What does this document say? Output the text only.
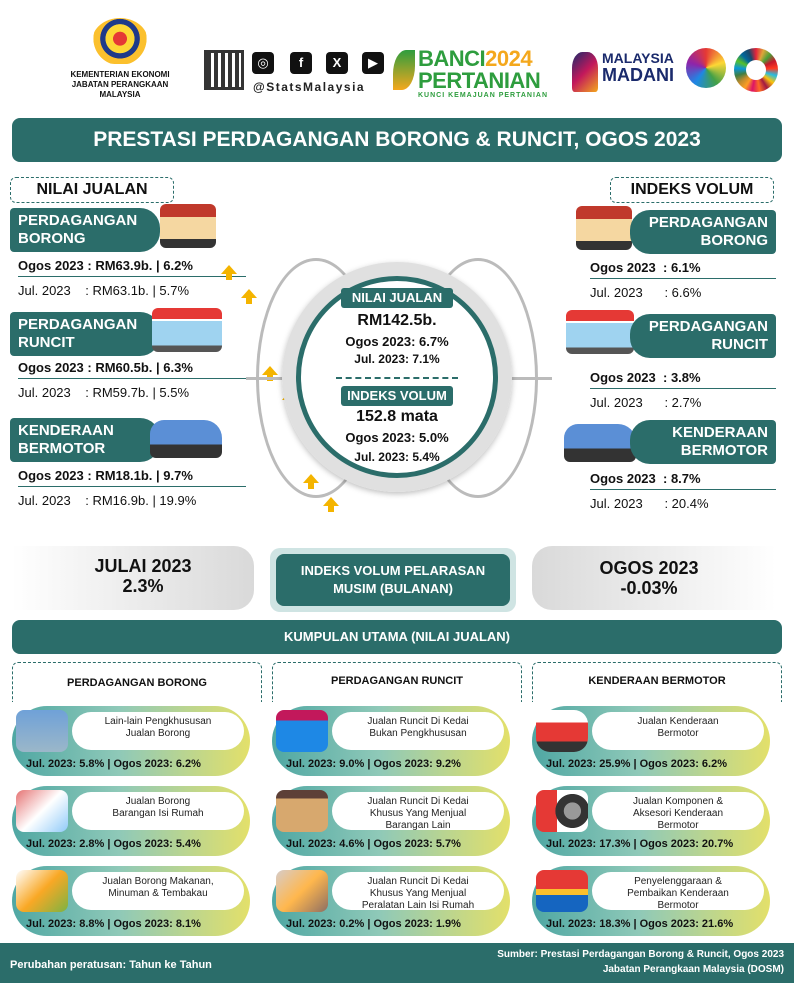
KEMENTERIAN EKONOMI
JABATAN PERANGKAAN MALAYSIA
◎	f	X	▶
@StatsMalaysia
BANCI2024
PERTANIAN
KUNCI KEMAJUAN PERTANIAN
MALAYSIA
MADANI
PRESTASI PERDAGANGAN BORONG & RUNCIT, OGOS 2023
NILAI JUALAN
PERDAGANGAN
BORONG
Ogos 2023 : RM63.9b. | 6.2%

Jul. 2023 : RM63.1b. | 5.7%

PERDAGANGAN
RUNCIT
Ogos 2023 : RM60.5b. | 6.3%

Jul. 2023 : RM59.7b. | 5.5%

KENDERAAN
BERMOTOR
Ogos 2023 : RM18.1b. | 9.7%

Jul. 2023 : RM16.9b. | 19.9%

NILAI JUALAN
RM142.5b.
Ogos 2023: 6.7%
Jul. 2023: 7.1%
INDEKS VOLUM
152.8 mata
Ogos 2023: 5.0%
Jul. 2023: 5.4%
INDEKS VOLUM
PERDAGANGAN
BORONG
Ogos 2023 : 6.1%

Jul. 2023 : 6.6%

PERDAGANGAN
RUNCIT
Ogos 2023 : 3.8%

Jul. 2023 : 2.7%

KENDERAAN
BERMOTOR
Ogos 2023 : 8.7%

Jul. 2023 : 20.4%
JULAI 2023
2.3%
INDEKS VOLUM PELARASAN
MUSIM (BULANAN)
OGOS 2023
-0.03%
KUMPULAN UTAMA (NILAI JUALAN)
PERDAGANGAN BORONG	PERDAGANGAN RUNCIT	KENDERAAN BERMOTOR
Lain-lain Pengkhususan
Jualan Borong
Jul. 2023: 5.8% | Ogos 2023: 6.2%
Jualan Borong
Barangan Isi Rumah
Jul. 2023: 2.8% | Ogos 2023: 5.4%
Jualan Borong Makanan,
Minuman & Tembakau
Jul. 2023: 8.8% | Ogos 2023: 8.1%
Jualan Runcit Di Kedai
Bukan Pengkhususan
Jul. 2023: 9.0% | Ogos 2023: 9.2%
Jualan Runcit Di Kedai
Khusus Yang Menjual
Barangan Lain
Jul. 2023: 4.6% | Ogos 2023: 5.7%
Jualan Runcit Di Kedai
Khusus Yang Menjual
Peralatan Lain Isi Rumah
Jul. 2023: 0.2% | Ogos 2023: 1.9%
Jualan Kenderaan
Bermotor
Jul. 2023: 25.9% | Ogos 2023: 6.2%
Jualan Komponen &
Aksesori Kenderaan
Bermotor
Jul. 2023: 17.3% | Ogos 2023: 20.7%
Penyelenggaraan &
Pembaikan Kenderaan
Bermotor
Jul. 2023: 18.3% | Ogos 2023: 21.6%
Perubahan peratusan: Tahun ke Tahun
Sumber: Prestasi Perdagangan Borong & Runcit, Ogos 2023
Jabatan Perangkaan Malaysia (DOSM)
